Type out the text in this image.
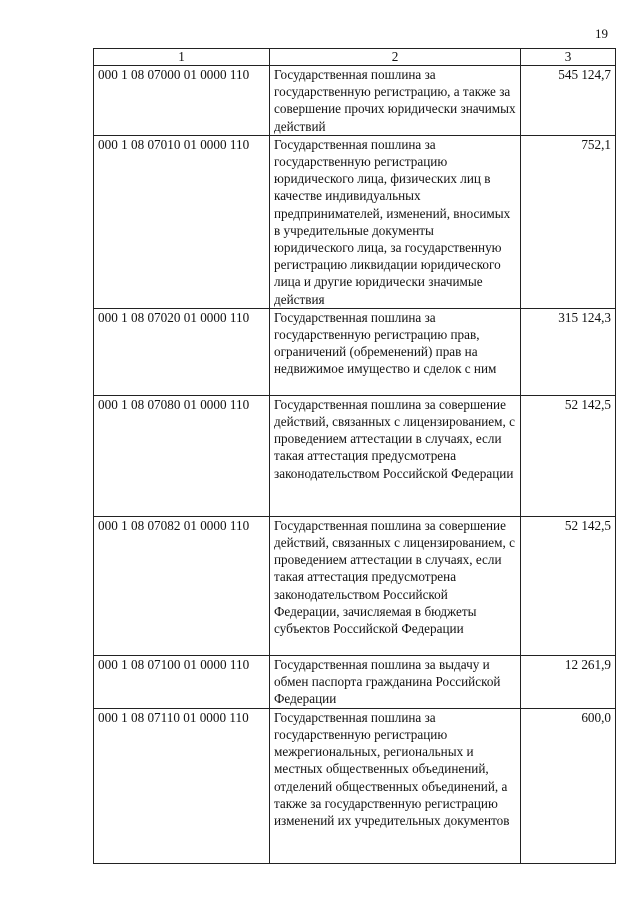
19
1	2	3
000 1 08 07000 01 0000 110	Государственная пошлина за государственную регистрацию, а также за совершение прочих юридически значимых действий	545 124,7
000 1 08 07010 01 0000 110	Государственная пошлина за государственную регистрацию юридического лица, физических лиц в качестве индивидуальных предпринимателей, изменений, вносимых в учредительные документы юридического лица, за государственную регистрацию ликвидации юридического лица и другие юридически значимые действия	752,1
000 1 08 07020 01 0000 110	Государственная пошлина за государственную регистрацию прав, ограничений (обременений) прав на недвижимое имущество и сделок с ним	315 124,3
000 1 08 07080 01 0000 110	Государственная пошлина за совершение действий, связанных с лицензированием, с проведением аттестации в случаях, если такая аттестация предусмотрена законодательством Российской Федерации	52 142,5
000 1 08 07082 01 0000 110	Государственная пошлина за совершение действий, связанных с лицензированием, с проведением аттестации в случаях, если такая аттестация предусмотрена законодательством Российской Федерации, зачисляемая в бюджеты субъектов Российской Федерации	52 142,5
000 1 08 07100 01 0000 110	Государственная пошлина за выдачу и обмен паспорта гражданина Российской Федерации	12 261,9
000 1 08 07110 01 0000 110	Государственная пошлина за государственную регистрацию межрегиональных, региональных и местных общественных объединений, отделений общественных объединений, а также за государственную регистрацию изменений их учредительных документов	600,0
